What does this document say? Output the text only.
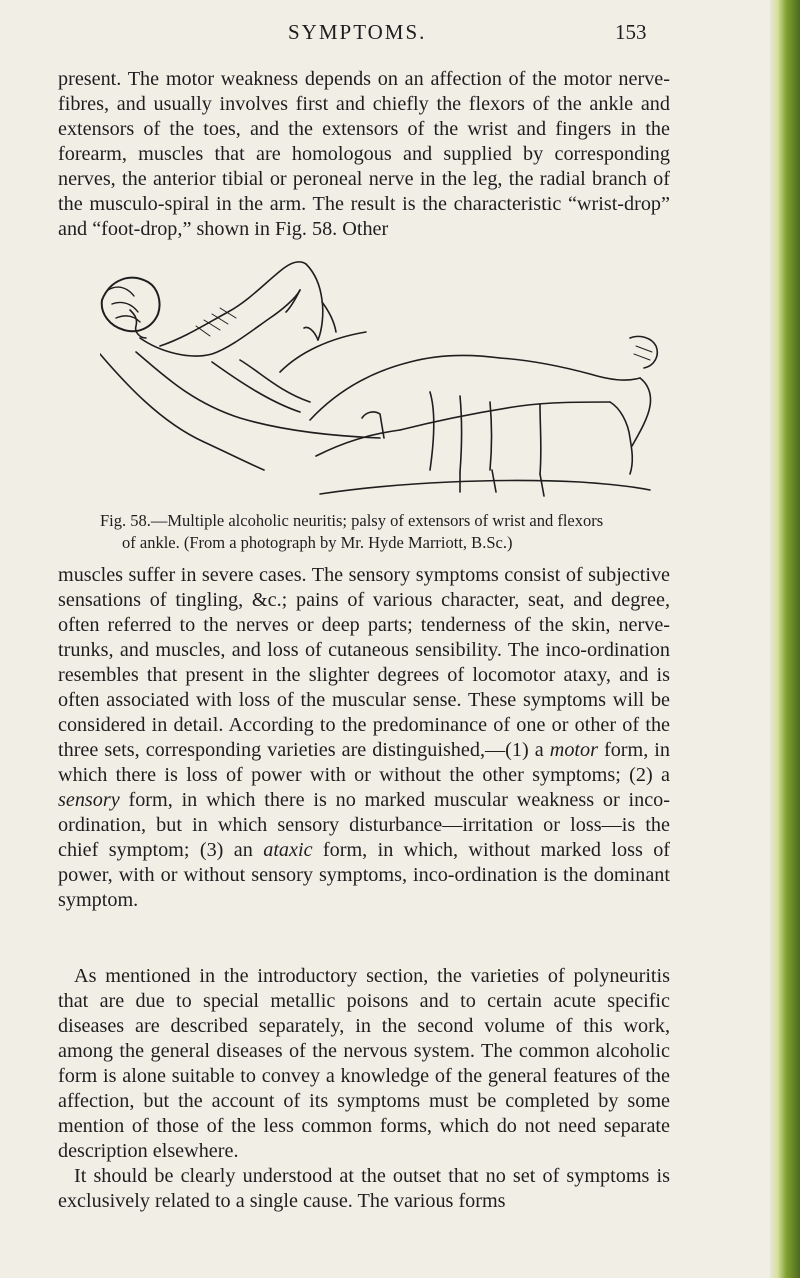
SYMPTOMS.	153

present. The motor weakness depends on an affection of the motor nerve-fibres, and usually involves first and chiefly the flexors of the ankle and extensors of the toes, and the extensors of the wrist and fingers in the forearm, muscles that are homologous and supplied by corresponding nerves, the anterior tibial or peroneal nerve in the leg, the radial branch of the musculo-spiral in the arm. The result is the characteristic “wrist-drop” and “foot-drop,” shown in Fig. 58. Other

Fig. 58.—Multiple alcoholic neuritis; palsy of extensors of wrist and flexors
of ankle. (From a photograph by Mr. Hyde Marriott, B.Sc.)

muscles suffer in severe cases. The sensory symptoms consist of subjective sensations of tingling, &c.; pains of various character, seat, and degree, often referred to the nerves or deep parts; tenderness of the skin, nerve-trunks, and muscles, and loss of cutaneous sensibility. The inco-ordination resembles that present in the slighter degrees of locomotor ataxy, and is often associated with loss of the muscular sense. These symptoms will be considered in detail. According to the predominance of one or other of the three sets, corresponding varieties are distinguished,—(1) a motor form, in which there is loss of power with or without the other symptoms; (2) a sensory form, in which there is no marked muscular weakness or inco-ordination, but in which sensory disturbance—irritation or loss—is the chief symptom; (3) an ataxic form, in which, without marked loss of power, with or without sensory symptoms, inco-ordination is the dominant symptom.

As mentioned in the introductory section, the varieties of polyneuritis that are due to special metallic poisons and to certain acute specific diseases are described separately, in the second volume of this work, among the general diseases of the nervous system. The common alcoholic form is alone suitable to convey a knowledge of the general features of the affection, but the account of its symptoms must be completed by some mention of those of the less common forms, which do not need separate description elsewhere.

It should be clearly understood at the outset that no set of symptoms is exclusively related to a single cause. The various forms
